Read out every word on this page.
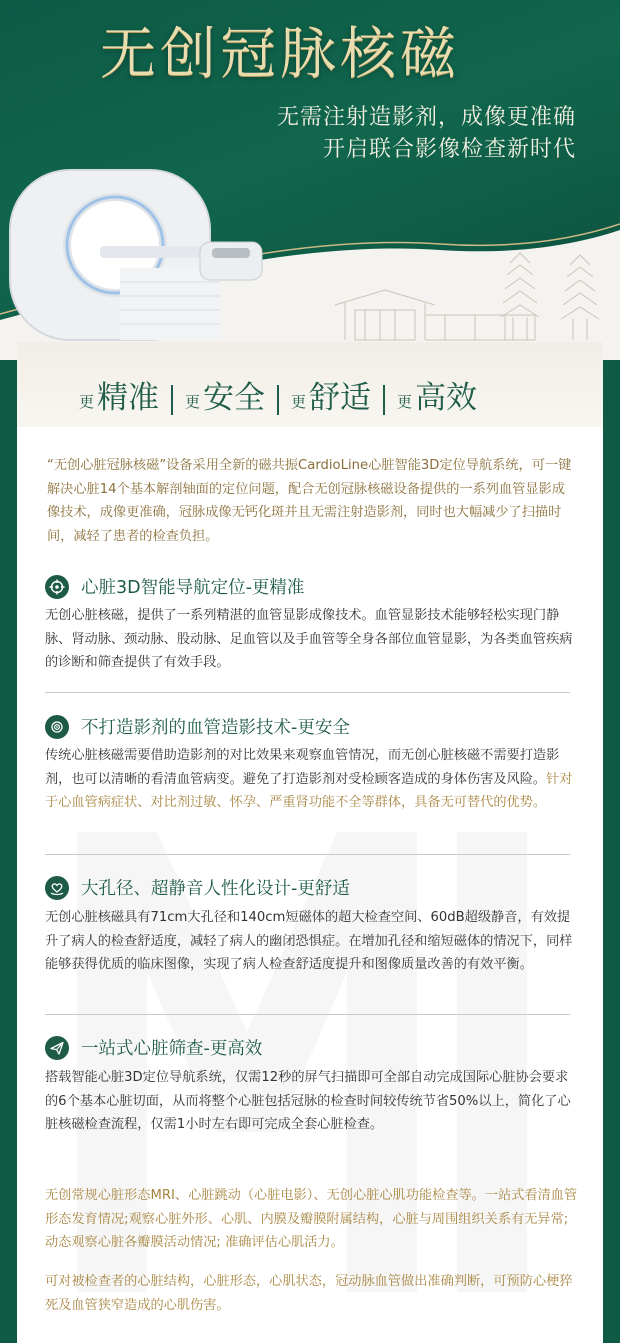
无创冠脉核磁
无需注射造影剂，成像更准确
开启联合影像检查新时代
更 精准 更 安全 更 舒适 更 高效
“无创心脏冠脉核磁”设备采用全新的磁共振CardioLine心脏智能3D定位导航系统，可一键解决心脏14个基本解剖轴面的定位问题，配合无创冠脉核磁设备提供的一系列血管显影成像技术，成像更准确，冠脉成像无钙化斑并且无需注射造影剂，同时也大幅减少了扫描时间，减轻了患者的检查负担。
心脏3D智能导航定位-更精准
无创心脏核磁，提供了一系列精湛的血管显影成像技术。血管显影技术能够轻松实现门静脉、肾动脉、颈动脉、股动脉、足血管以及手血管等全身各部位血管显影，为各类血管疾病的诊断和筛查提供了有效手段。
不打造影剂的血管造影技术-更安全
传统心脏核磁需要借助造影剂的对比效果来观察血管情况，而无创心脏核磁不需要打造影剂，也可以清晰的看清血管病变。避免了打造影剂对受检顾客造成的身体伤害及风险。针对于心血管病症状、对比剂过敏、怀孕、严重肾功能不全等群体，具备无可替代的优势。
大孔径、超静音人性化设计-更舒适
无创心脏核磁具有71cm大孔径和140cm短磁体的超大检查空间、60dB超级静音，有效提升了病人的检查舒适度，减轻了病人的幽闭恐惧症。在增加孔径和缩短磁体的情况下，同样能够获得优质的临床图像，实现了病人检查舒适度提升和图像质量改善的有效平衡。
一站式心脏筛查-更高效
搭载智能心脏3D定位导航系统，仅需12秒的屏气扫描即可全部自动完成国际心脏协会要求的6个基本心脏切面，从而将整个心脏包括冠脉的检查时间较传统节省50%以上，简化了心脏核磁检查流程，仅需1小时左右即可完成全套心脏检查。
无创常规心脏形态MRI、心脏跳动（心脏电影）、无创心脏心肌功能检查等。一站式看清血管形态发育情况;观察心脏外形、心肌、内膜及瓣膜附属结构，心脏与周围组织关系有无异常; 动态观察心脏各瓣膜活动情况; 准确评估心肌活力。
可对被检查者的心脏结构，心脏形态，心肌状态，冠动脉血管做出准确判断，可预防心梗猝死及血管狭窄造成的心肌伤害。
